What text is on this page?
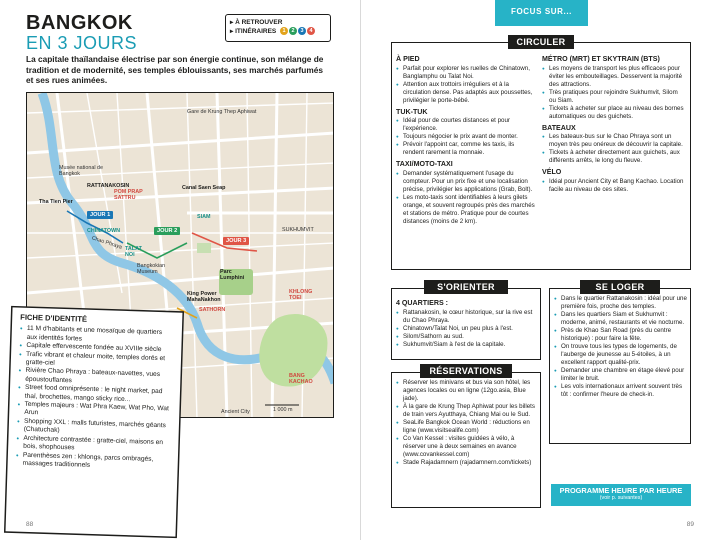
BANGKOK
EN 3 JOURS
La capitale thaïlandaise électrise par son énergie continue, son mélange de tradition et de modernité, ses temples éblouissants, ses marchés parfumés et ses rues animées.
▸ À RETROUVER
▸ ITINÉRAIRES	1	2	3	4
Gare de Krung Thep Aphiwat
Musée national de Bangkok
RATTANAKOSIN
Tha Tien Pier
POM PRAP SATTRU
Canal Saen Seap
SIAM
CHINATOWN
Chao Phraya TALAT NOI
Bangkokian Museum	Parc Lumphini
SUKHUMVIT
King Power MahaNakhon
SATHORN
KHLONG TOEI
BANG KACHAO
Ancient City	1 000 m
JOUR 1
JOUR 2
JOUR 3
FICHE D'IDENTITÉ
● 11 M d'habitants et une mosaïque de quartiers aux identités fortes
● Capitale effervescente fondée au XVIIIe siècle
● Trafic vibrant et chaleur moite, temples dorés et gratte-ciel
● Rivière Chao Phraya : bateaux-navettes, vues époustouflantes
● Street food omniprésente : le night market, pad thaï, brochettes, mango sticky rice...
● Temples majeurs : Wat Phra Kaew, Wat Pho, Wat Arun
● Shopping XXL : malls futuristes, marchés géants (Chatuchak)
● Architecture contrastée : gratte-ciel, maisons en bois, shophouses
● Parenthèses zen : khlongs, parcs ombragés, massages traditionnels
88
FOCUS SUR...
CIRCULER
À PIED
● Parfait pour explorer les ruelles de Chinatown, Banglamphu ou Talat Noi.
● Attention aux trottoirs irréguliers et à la circulation dense. Pas adaptés aux poussettes, privilégier le porte-bébé.
TUK-TUK
● Idéal pour de courtes distances et pour l'expérience.
● Toujours négocier le prix avant de monter.
● Prévoir l'appoint car, comme les taxis, ils rendent rarement la monnaie.
TAXI/MOTO-TAXI
● Demander systématiquement l'usage du compteur. Pour un prix fixe et une localisation précise, privilégier les applications (Grab, Bolt).
● Les moto-taxis sont identifiables à leurs gilets orange, et souvent regroupés près des marchés et stations de métro. Pratique pour de courtes distances (moins de 2 km).
MÉTRO (MRT) ET SKYTRAIN (BTS)
● Les moyens de transport les plus efficaces pour éviter les embouteillages. Desservent la majorité des attractions.
● Très pratiques pour rejoindre Sukhumvit, Silom ou Siam.
● Tickets à acheter sur place au niveau des bornes automatiques ou des guichets.
BATEAUX
● Les bateaux-bus sur le Chao Phraya sont un moyen très peu onéreux de découvrir la capitale.
● Tickets à acheter directement aux guichets, aux différents arrêts, le long du fleuve.
VÉLO
● Idéal pour Ancient City et Bang Kachao. Location facile au niveau de ces sites.
S'ORIENTER
4 QUARTIERS :
● Rattanakosin, le cœur historique, sur la rive est du Chao Phraya.
● Chinatown/Talat Noi, un peu plus à l'est.
● Silom/Sathorn au sud.
● Sukhumvit/Siam à l'est de la capitale.
RÉSERVATIONS
● Réserver les minivans et bus via son hôtel, les agences locales ou en ligne (12go.asia, Blue jade).
● À la gare de Krung Thep Aphiwat pour les billets de train vers Ayutthaya, Chiang Mai ou le Sud.
● SeaLife Bangkok Ocean World : réductions en ligne (www.visitsealife.com)
● Co Van Kessel : visites guidées à vélo, à réserver une à deux semaines en avance (www.covankessel.com)
● Stade Rajadamnern (rajadamnern.com/tickets)
SE LOGER
● Dans le quartier Rattanakosin : idéal pour une première fois, proche des temples.
● Dans les quartiers Siam et Sukhumvit : moderne, animé, restaurants et vie nocturne.
● Près de Khao San Road (près du centre historique) : pour faire la fête.
● On trouve tous les types de logements, de l'auberge de jeunesse au 5-étoiles, à un excellent rapport qualité-prix.
● Demander une chambre en étage élevé pour limiter le bruit.
● Les vols internationaux arrivent souvent très tôt : confirmer l'heure de check-in.
PROGRAMME HEURE PAR HEURE
(voir p. suivantes)
89
